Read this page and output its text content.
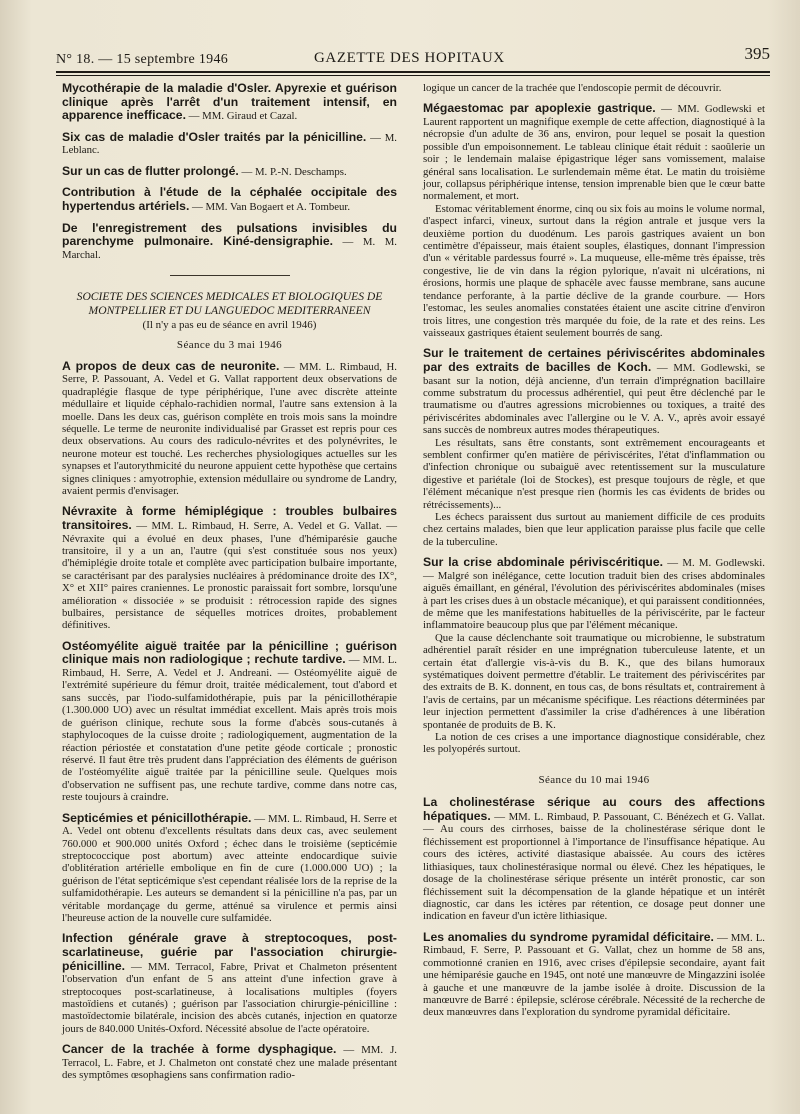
N° 18. — 15 septembre 1946	GAZETTE DES HOPITAUX	395
Mycothérapie de la maladie d'Osler. Apyrexie et guérison clinique après l'arrêt d'un traitement intensif, en apparence inefficace. — MM. Giraud et Cazal.
Six cas de maladie d'Osler traités par la pénicilline. — M. Leblanc.
Sur un cas de flutter prolongé. — M. P.-N. Deschamps.
Contribution à l'étude de la céphalée occipitale des hypertendus artériels. — MM. Van Bogaert et A. Tombeur.
De l'enregistrement des pulsations invisibles du parenchyme pulmonaire. Kiné-densigraphie. — M. M. Marchal.
SOCIETE DES SCIENCES MEDICALES ET BIOLOGIQUES DE MONTPELLIER ET DU LANGUEDOC MEDITERRANEEN
(Il n'y a pas eu de séance en avril 1946)
Séance du 3 mai 1946
A propos de deux cas de neuronite. — MM. L. Rimbaud, H. Serre, P. Passouant, A. Vedel et G. Vallat rapportent deux observations de quadraplégie flasque de type périphérique, l'une avec discrète atteinte médullaire et liquide céphalo-rachidien normal, l'autre sans extension à la moelle. Dans les deux cas, guérison complète en trois mois sans la moindre séquelle. Le terme de neuronite individualisé par Grasset est repris pour ces deux observations. Au cours des radiculo-névrites et des polynévrites, le neurone moteur est touché. Les recherches physiologiques actuelles sur les synapses et l'autorythmicité du neurone appuient cette hypothèse que certains signes cliniques : amyotrophie, extension médullaire ou syndrome de Landry, avaient permis d'envisager.
Névraxite à forme hémiplégique : troubles bulbaires transitoires. — MM. L. Rimbaud, H. Serre, A. Vedel et G. Vallat. — Névraxite qui a évolué en deux phases, l'une d'hémiparésie gauche transitoire, il y a un an, l'autre (qui s'est constituée sous nos yeux) d'hémiplégie droite totale et complète avec participation bulbaire importante, se caractérisant par des paralysies nucléaires à prédominance droite des IX°, X° et XII° paires craniennes. Le pronostic paraissait fort sombre, lorsqu'une amélioration « dissociée » se produisit : rétrocession rapide des signes bulbaires, persistance de séquelles motrices droites, probablement définitives.
Ostéomyélite aiguë traitée par la pénicilline ; guérison clinique mais non radiologique ; rechute tardive. — MM. L. Rimbaud, H. Serre, A. Vedel et J. Andreani. — Ostéomyélite aiguë de l'extrémité supérieure du fémur droit, traitée médicalement, tout d'abord et sans succès, par l'iodo-sulfamidothérapie, puis par la pénicillothérapie (1.300.000 UO) avec un résultat immédiat excellent. Mais après trois mois de guérison clinique, rechute sous la forme d'abcès sous-cutanés à staphylocoques de la cuisse droite ; radiologiquement, augmentation de la réaction périostée et constatation d'une petite géode corticale ; pronostic réservé. Il faut être très prudent dans l'appréciation des éléments de guérison de l'ostéomyélite aiguë traitée par la pénicilline seule. Quelques mois d'observation ne suffisent pas, une rechute tardive, comme dans notre cas, reste toujours à craindre.
Septicémies et pénicillothérapie. — MM. L. Rimbaud, H. Serre et A. Vedel ont obtenu d'excellents résultats dans deux cas, avec seulement 760.000 et 900.000 unités Oxford ; échec dans le troisième (septicémie streptococcique post abortum) avec atteinte endocardique suivie d'oblitération artérielle embolique en fin de cure (1.000.000 UO) ; la guérison de l'état septicémique s'est cependant réalisée lors de la reprise de la sulfamidothérapie. Les auteurs se demandent si la pénicilline n'a pas, par un véritable mordançage du germe, atténué sa virulence et permis ainsi l'heureuse action de la nouvelle cure sulfamidée.
Infection générale grave à streptocoques, post-scarlatineuse, guérie par l'association chirurgie-pénicilline. — MM. Terracol, Fabre, Privat et Chalmeton présentent l'observation d'un enfant de 5 ans atteint d'une infection grave à streptocoques post-scarlatineuse, à localisations multiples (foyers mastoïdiens et cutanés) ; guérison par l'association chirurgie-pénicilline : mastoïdectomie bilatérale, incision des abcès cutanés, injection en quatorze jours de 840.000 Unités-Oxford. Nécessité absolue de l'acte opératoire.
Cancer de la trachée à forme dysphagique. — MM. J. Terracol, L. Fabre, et J. Chalmeton ont constaté chez une malade présentant des symptômes œsophagiens sans confirmation radio-
logique un cancer de la trachée que l'endoscopie permit de découvrir.

Mégaestomac par apoplexie gastrique. — MM. Godlewski et Laurent rapportent un magnifique exemple de cette affection, diagnostiqué à la nécropsie d'un adulte de 36 ans, environ, pour lequel se posait la question possible d'un empoisonnement. Le tableau clinique était réduit : saoûlerie un soir ; le lendemain malaise épigastrique léger sans vomissement, malaise général sans localisation. Le surlendemain même état. Le matin du troisième jour, collapsus périphérique intense, tension imprenable bien que le cœur batte normalement, et mort.

Estomac véritablement énorme, cinq ou six fois au moins le volume normal, d'aspect infarci, vineux, surtout dans la région antrale et jusque vers la deuxième portion du duodénum. Les parois gastriques avaient un bon centimètre d'épaisseur, mais étaient souples, élastiques, donnant l'impression d'un « véritable pardessus fourré ». La muqueuse, elle-même très épaisse, très congestive, lie de vin dans la région pylorique, n'avait ni ulcérations, ni érosions, hormis une plaque de sphacèle avec fausse membrane, sans aucune tendance perforante, à la partie déclive de la grande courbure. — Hors l'estomac, les seules anomalies constatées étaient une ascite citrine d'environ trois litres, une congestion très marquée du foie, de la rate et des reins. Les vaisseaux gastriques étaient seulement bourrés de sang.

Sur le traitement de certaines périviscérites abdominales par des extraits de bacilles de Koch. — MM. Godlewski, se basant sur la notion, déjà ancienne, d'un terrain d'imprégnation bacillaire comme substratum du processus adhérentiel, qui peut être déclenché par le traumatisme ou d'autres agressions microbiennes ou toxiques, a traité des périviscérites abdominales avec l'allergine ou le V. A. V., après avoir essayé sans succès de nombreux autres modes thérapeutiques.

Les résultats, sans être constants, sont extrêmement encourageants et semblent confirmer qu'en matière de périviscérites, l'état d'inflammation ou d'infection chronique ou subaiguë avec retentissement sur la musculature digestive et pariétale (loi de Stockes), est presque toujours de règle, et que l'élément mécanique n'est presque rien (hormis les cas évidents de brides ou rétrécissements)...

Les échecs paraissent dus surtout au maniement difficile de ces produits chez certains malades, bien que leur application paraisse plus facile que celle de la tuberculine.

Sur la crise abdominale périviscéritique. — M. M. Godlewski. — Malgré son inélégance, cette locution traduit bien des crises abdominales aiguës émaillant, en général, l'évolution des périviscérites abdominales (mises à part les crises dues à un obstacle mécanique), et qui paraissent conditionnées, de même que les manifestations habituelles de la périviscérite, par le facteur inflammatoire beaucoup plus que par l'élément mécanique.

Que la cause déclenchante soit traumatique ou microbienne, le substratum adhérentiel paraît résider en une imprégnation tuberculeuse latente, et un certain état d'allergie vis-à-vis du B. K., que des bilans humoraux systématiques doivent permettre d'établir. Le traitement des périviscérites par des extraits de B. K. donnent, en tous cas, de bons résultats et, contrairement à l'avis de certains, par un mécanisme spécifique. Les réactions déterminées par leur injection permettent d'assimiler la crise d'adhérences à une libération spontanée de produits de B. K.

La notion de ces crises a une importance diagnostique considérable, chez les polyopérés surtout.

Séance du 10 mai 1946

La cholinestérase sérique au cours des affections hépatiques. — MM. L. Rimbaud, P. Passouant, C. Bénézech et G. Vallat. — Au cours des cirrhoses, baisse de la cholinestérase sérique dont le fléchissement est proportionnel à l'importance de l'insuffisance hépatique. Au cours des ictères, activité diastasique abaissée. Au cours des ictères lithiasiques, taux cholinestérasique normal ou élevé. Chez les hépatiques, le dosage de la cholinestérase sérique présente un intérêt pronostic, car son fléchissement suit la décompensation de la glande hépatique et un intérêt diagnostic, car dans les ictères par rétention, ce dosage peut donner une indication en faveur d'un ictère lithiasique.

Les anomalies du syndrome pyramidal déficitaire. — MM. L. Rimbaud, F. Serre, P. Passouant et G. Vallat, chez un homme de 58 ans, commotionné cranien en 1916, avec crises d'épilepsie secondaire, ayant fait une hémiparésie gauche en 1945, ont noté une manœuvre de Mingazzini isolée à gauche et une manœuvre de la jambe isolée à droite. Discussion de la manœuvre de Barré : épilepsie, sclérose cérébrale. Nécessité de la recherche de deux manœuvres dans l'exploration du syndrome pyramidal déficitaire.
